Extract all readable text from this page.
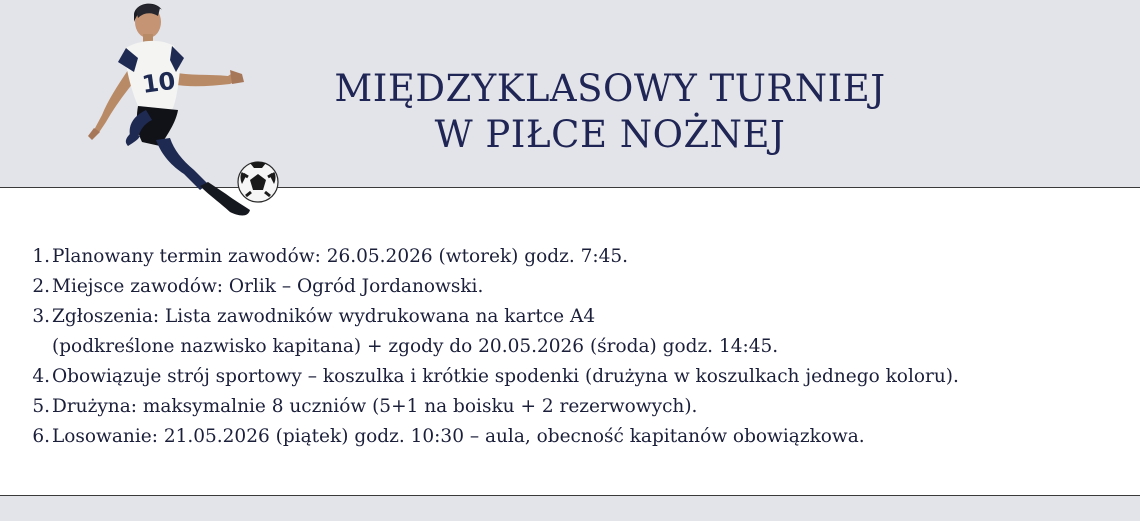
10	MIĘDZYKLASOWY TURNIEJ
W PIŁCE NOŻNEJ
1. Planowany termin zawodów: 26.05.2026 (wtorek) godz. 7:45.
2. Miejsce zawodów: Orlik – Ogród Jordanowski.
3. Zgłoszenia: Lista zawodników wydrukowana na kartce A4
(podkreślone nazwisko kapitana) + zgody do 20.05.2026 (środa) godz. 14:45.
4. Obowiązuje strój sportowy – koszulka i krótkie spodenki (drużyna w koszulkach jednego koloru).
5. Drużyna: maksymalnie 8 uczniów (5+1 na boisku + 2 rezerwowych).
6. Losowanie: 21.05.2026 (piątek) godz. 10:30 – aula, obecność kapitanów obowiązkowa.
